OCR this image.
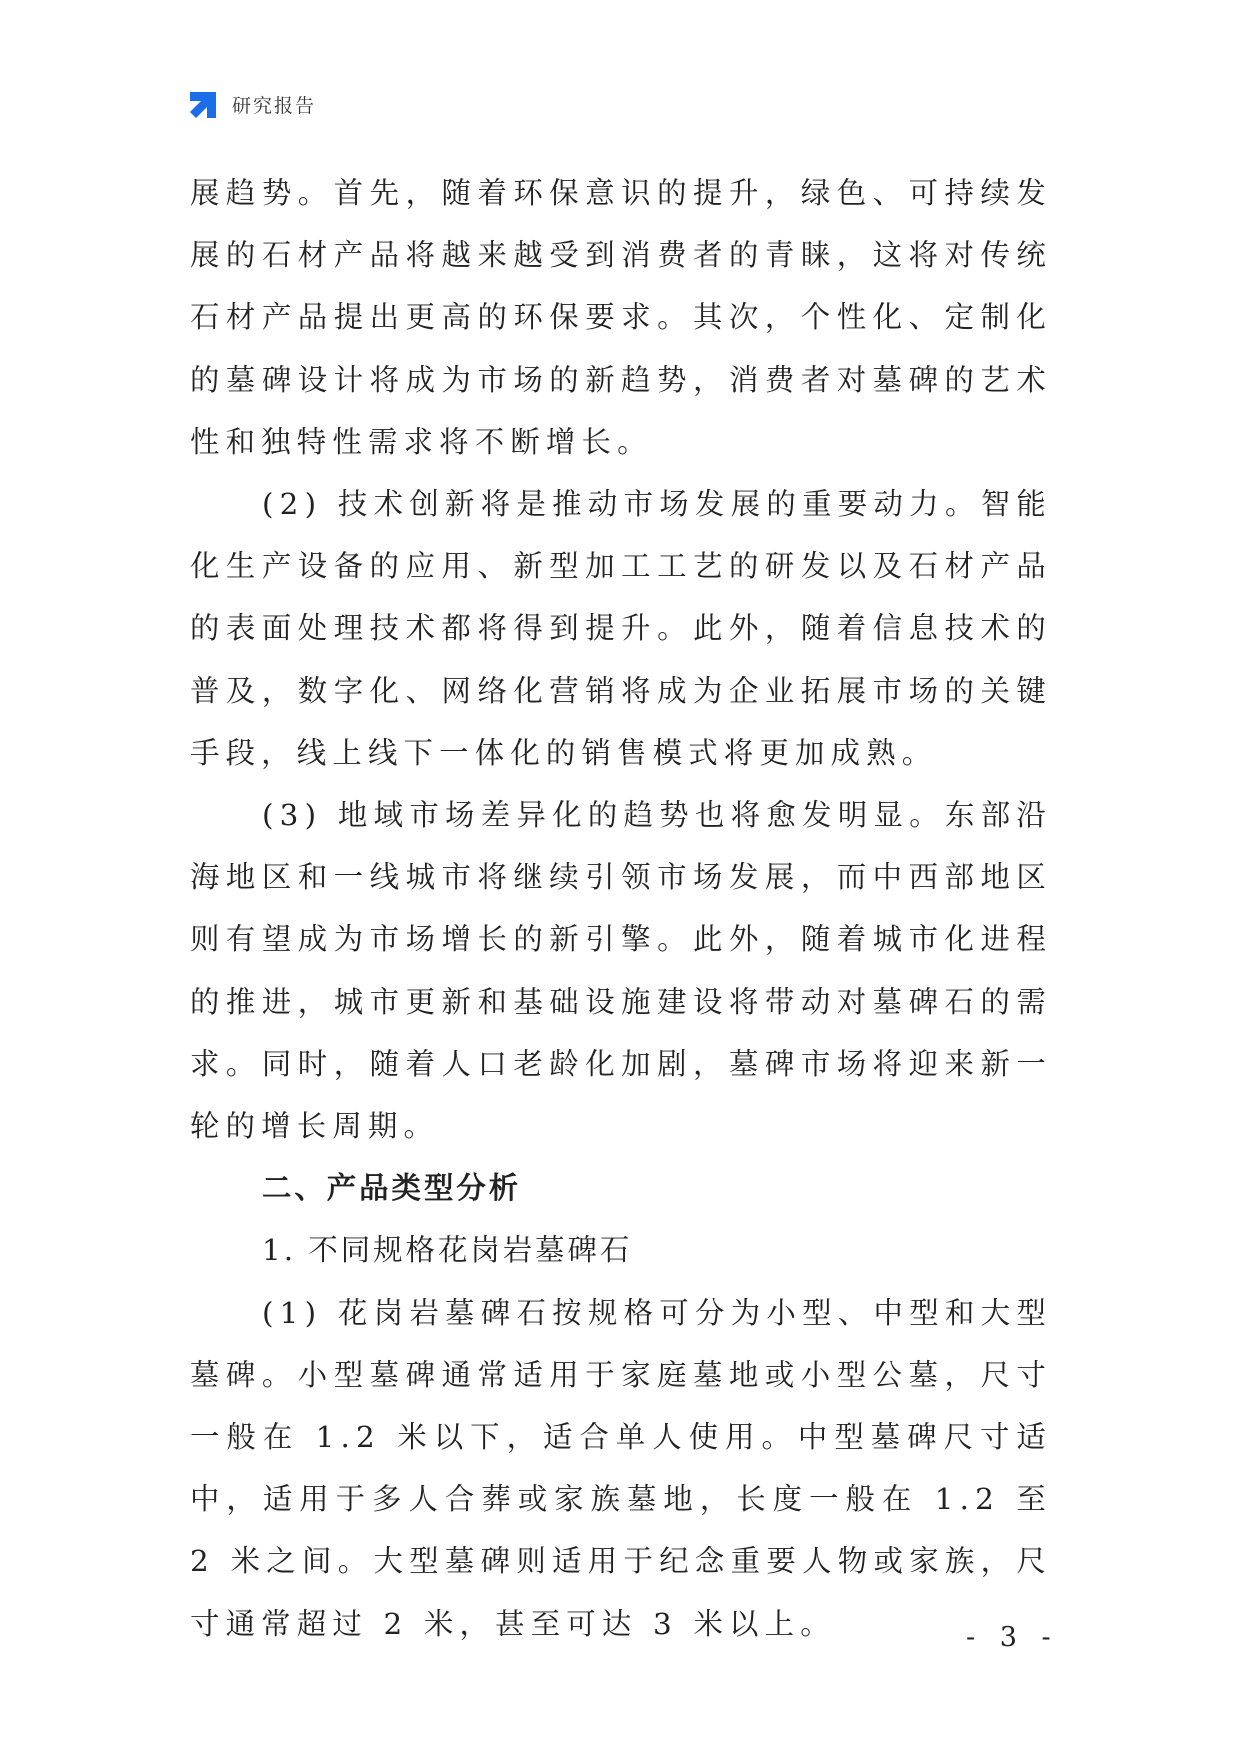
研究报告

展趋势。首先，随着环保意识的提升，绿色、可持续发展的石材产品将越来越受到消费者的青睐，这将对传统石材产品提出更高的环保要求。其次，个性化、定制化的墓碑设计将成为市场的新趋势，消费者对墓碑的艺术性和独特性需求将不断增长。

(2) 技术创新将是推动市场发展的重要动力。智能化生产设备的应用、新型加工工艺的研发以及石材产品的表面处理技术都将得到提升。此外，随着信息技术的普及，数字化、网络化营销将成为企业拓展市场的关键手段，线上线下一体化的销售模式将更加成熟。

(3) 地域市场差异化的趋势也将愈发明显。东部沿海地区和一线城市将继续引领市场发展，而中西部地区则有望成为市场增长的新引擎。此外，随着城市化进程的推进，城市更新和基础设施建设将带动对墓碑石的需求。同时，随着人口老龄化加剧，墓碑市场将迎来新一轮的增长周期。

二、产品类型分析

1. 不同规格花岗岩墓碑石

(1) 花岗岩墓碑石按规格可分为小型、中型和大型墓碑。小型墓碑通常适用于家庭墓地或小型公墓，尺寸一般在 1.2 米以下，适合单人使用。中型墓碑尺寸适中，适用于多人合葬或家族墓地，长度一般在 1.2 至 2 米之间。大型墓碑则适用于纪念重要人物或家族，尺寸通常超过 2 米，甚至可达 3 米以上。	- 3 -
